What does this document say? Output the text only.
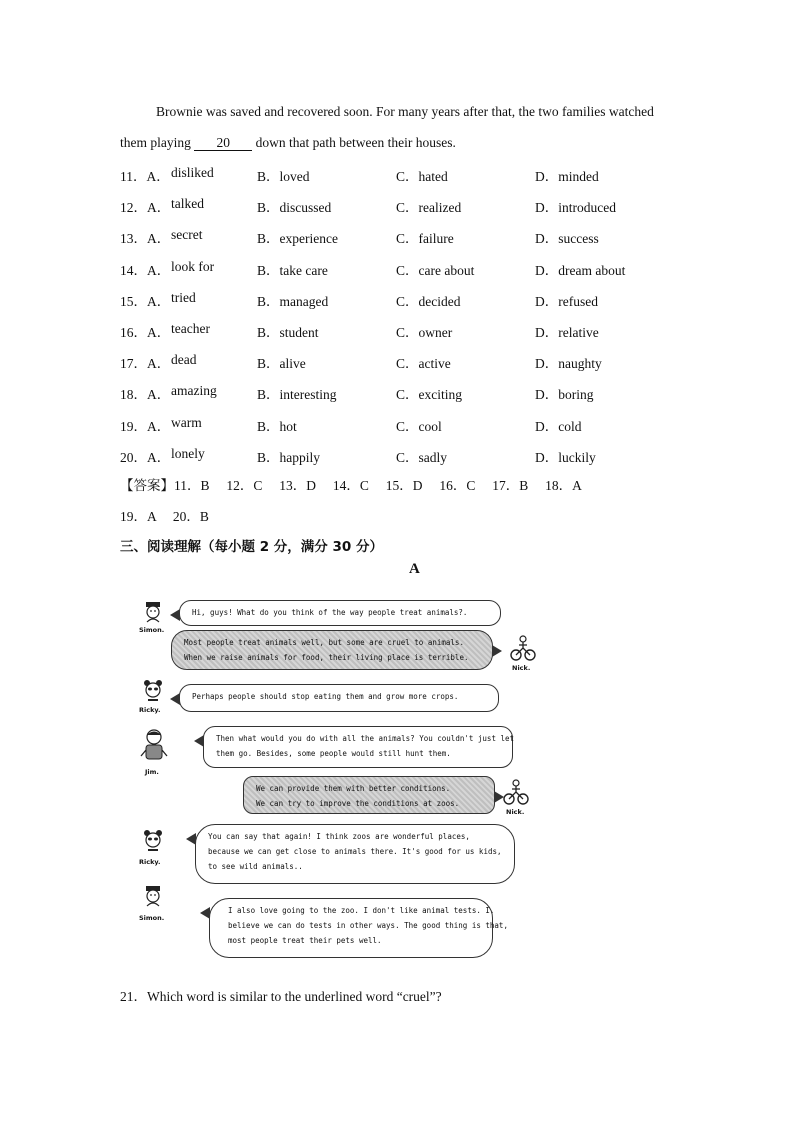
Brownie was saved and recovered soon. For many years after that, the two families watched
them playing 20 down that path between their houses.
11．A． disliked	B．loved	C．hated	D．minded
12．A． talked	B．discussed	C．realized	D．introduced
13．A． secret	B．experience	C．failure	D．success
14．A． look for	B．take care	C．care about	D．dream about
15．A． tried	B．managed	C．decided	D．refused
16．A． teacher	B．student	C．owner	D．relative
17．A． dead	B．alive	C．active	D．naughty
18．A． amazing	B．interesting	C．exciting	D．boring
19．A． warm	B．hot	C．cool	D．cold
20．A． lonely	B．happily	C．sadly	D．luckily
【答案】11．B     12．C     13．D     14．C     15．D     16．C     17．B     18．A
19．A     20．B
三、阅读理解（每小题 2 分，满分 30 分）
A
Simon.
Hi, guys! What do you think of the way people treat animals?.
Most people treat animals well, but some are cruel to animals.
When we raise animals for food, their living place is terrible.
Nick.
Ricky.
Perhaps people should stop eating them and grow more crops.
Jim.
Then what would you do with all the animals? You couldn't just let
them go. Besides, some people would still hunt them.
We can provide them with better conditions.
We can try to improve the conditions at zoos.
Nick.
Ricky.
You can say that again! I think zoos are wonderful places,
because we can get close to animals there. It's good for us kids,
to see wild animals..
Simon.
I also love going to the zoo. I don't like animal tests. I.
believe we can do tests in other ways. The good thing is that,
most people treat their pets well.
21．Which word is similar to the underlined word “cruel”?
